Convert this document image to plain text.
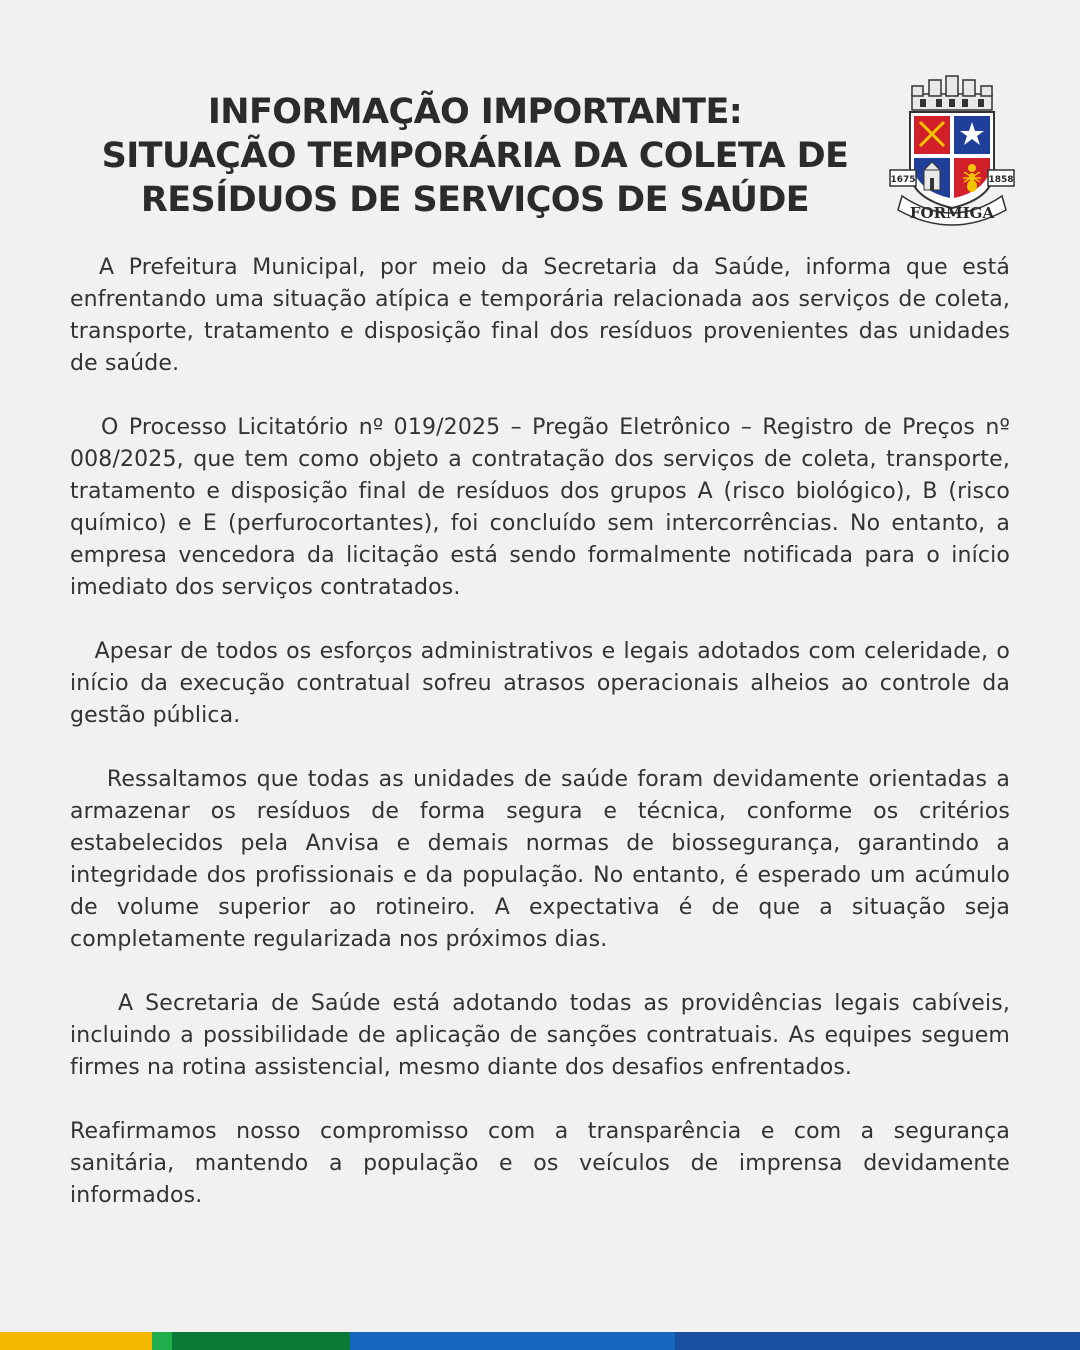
INFORMAÇÃO IMPORTANTE:
SITUAÇÃO TEMPORÁRIA DA COLETA DE
RESÍDUOS DE SERVIÇOS DE SAÚDE	1675	1858
FORMIGA

A Prefeitura Municipal, por meio da Secretaria da Saúde, informa que está enfrentando uma situação atípica e temporária relacionada aos serviços de coleta, transporte, tratamento e disposição final dos resíduos provenientes das unidades de saúde.

O Processo Licitatório nº 019/2025 – Pregão Eletrônico – Registro de Preços nº 008/2025, que tem como objeto a contratação dos serviços de coleta, transporte, tratamento e disposição final de resíduos dos grupos A (risco biológico), B (risco químico) e E (perfurocortantes), foi concluído sem intercorrências. No entanto, a empresa vencedora da licitação está sendo formalmente notificada para o início imediato dos serviços contratados.

Apesar de todos os esforços administrativos e legais adotados com celeridade, o início da execução contratual sofreu atrasos operacionais alheios ao controle da gestão pública.

Ressaltamos que todas as unidades de saúde foram devidamente orientadas a armazenar os resíduos de forma segura e técnica, conforme os critérios estabelecidos pela Anvisa e demais normas de biossegurança, garantindo a integridade dos profissionais e da população. No entanto, é esperado um acúmulo de volume superior ao rotineiro. A expectativa é de que a situação seja completamente regularizada nos próximos dias.

A Secretaria de Saúde está adotando todas as providências legais cabíveis, incluindo a possibilidade de aplicação de sanções contratuais. As equipes seguem firmes na rotina assistencial, mesmo diante dos desafios enfrentados.

Reafirmamos nosso compromisso com a transparência e com a segurança sanitária, mantendo a população e os veículos de imprensa devidamente informados.
